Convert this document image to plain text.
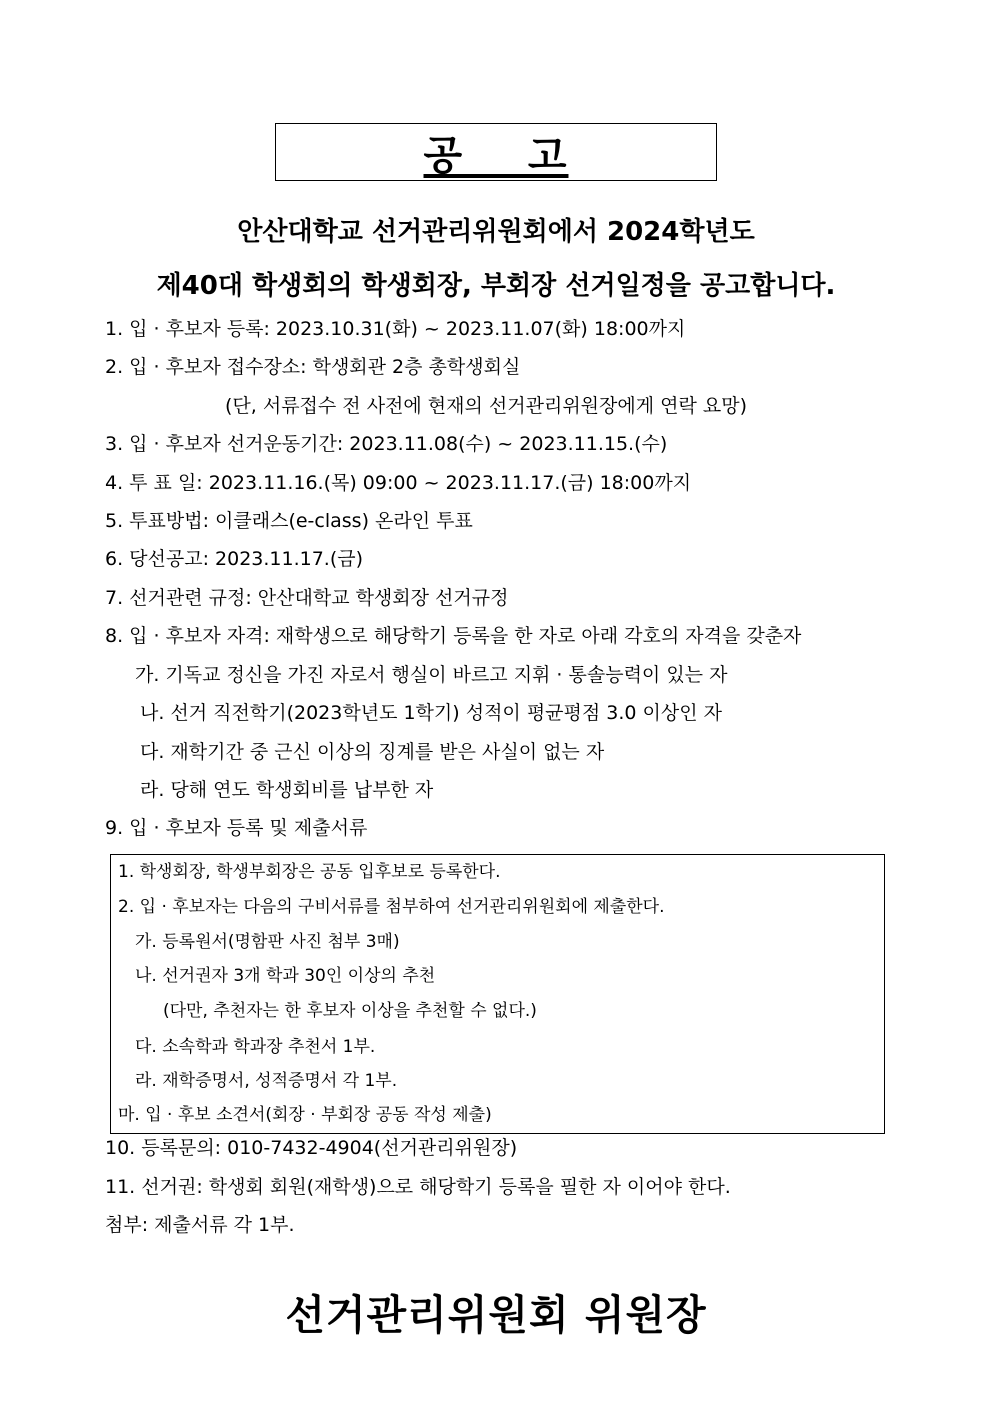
공    고
안산대학교 선거관리위원회에서 2024학년도
제40대 학생회의 학생회장, 부회장 선거일정을 공고합니다.
1. 입 · 후보자 등록: 2023.10.31(화) ~ 2023.11.07(화) 18:00까지
2. 입 · 후보자 접수장소: 학생회관 2층 총학생회실
(단, 서류접수 전 사전에 현재의 선거관리위원장에게 연락 요망)
3. 입 · 후보자 선거운동기간: 2023.11.08(수) ~ 2023.11.15.(수)
4. 투 표 일: 2023.11.16.(목) 09:00 ~ 2023.11.17.(금) 18:00까지
5. 투표방법: 이클래스(e-class) 온라인 투표
6. 당선공고: 2023.11.17.(금)
7. 선거관련 규정: 안산대학교 학생회장 선거규정
8. 입 · 후보자 자격: 재학생으로 해당학기 등록을 한 자로 아래 각호의 자격을 갖춘자
가. 기독교 정신을 가진 자로서 행실이 바르고 지휘 · 통솔능력이 있는 자
나. 선거 직전학기(2023학년도 1학기) 성적이 평균평점 3.0 이상인 자
다. 재학기간 중 근신 이상의 징계를 받은 사실이 없는 자
라. 당해 연도 학생회비를 납부한 자
9. 입 · 후보자 등록 및 제출서류
1. 학생회장, 학생부회장은 공동 입후보로 등록한다.
2. 입 · 후보자는 다음의 구비서류를 첨부하여 선거관리위원회에 제출한다.
가. 등록원서(명함판 사진 첨부 3매)
나. 선거권자 3개 학과 30인 이상의 추천
(다만, 추천자는 한 후보자 이상을 추천할 수 없다.)
다. 소속학과 학과장 추천서 1부.
라. 재학증명서, 성적증명서 각 1부.
마. 입 · 후보 소견서(회장 · 부회장 공동 작성 제출)
10. 등록문의: 010-7432-4904(선거관리위원장)
11. 선거권: 학생회 회원(재학생)으로 해당학기 등록을 필한 자 이어야 한다.
첨부: 제출서류 각 1부.
선거관리위원회 위원장
